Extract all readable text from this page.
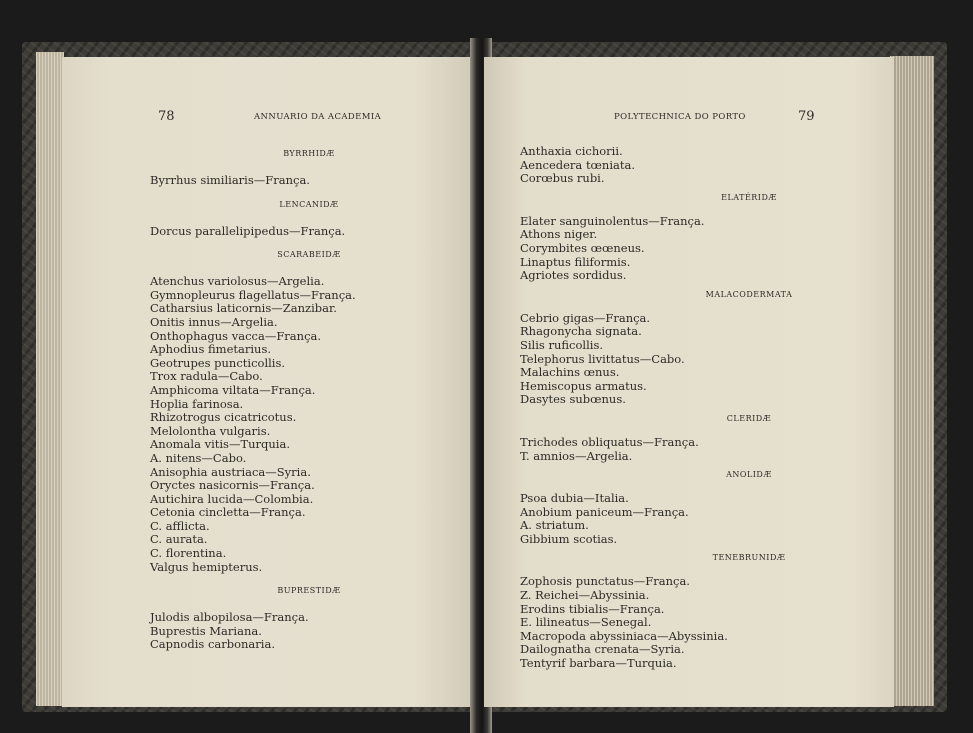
78	ANNUARIO DA ACADEMIA
BYRRHIDÆ
Byrrhus similiaris—França.
LENCANIDÆ
Dorcus parallelipipedus—França.
SCARABEIDÆ
Atenchus variolosus—Argelia.
Gymnopleurus flagellatus—França.
Catharsius laticornis—Zanzibar.
Onitis innus—Argelia.
Onthophagus vacca—França.
Aphodius fimetarius.
Geotrupes puncticollis.
Trox radula—Cabo.
Amphicoma viltata—França.
Hoplia farinosa.
Rhizotrogus cicatricotus.
Melolontha vulgaris.
Anomala vitis—Turquia.
A. nitens—Cabo.
Anisophia austriaca—Syria.
Oryctes nasicornis—França.
Autichira lucida—Colombia.
Cetonia cincletta—França.
C. afflicta.
C. aurata.
C. florentina.
Valgus hemipterus.
BUPRESTIDÆ
Julodis albopilosa—França.
Buprestis Mariana.
Capnodis carbonaria.
POLYTECHNICA DO PORTO	79
Anthaxia cichorii.
Aencedera tœniata.
Corœbus rubi.
ELATÉRIDÆ
Elater sanguinolentus—França.
Athons niger.
Corymbites œœneus.
Linaptus filiformis.
Agriotes sordidus.
MALACODERMATA
Cebrio gigas—França.
Rhagonycha signata.
Silis ruficollis.
Telephorus livittatus—Cabo.
Malachins œnus.
Hemiscopus armatus.
Dasytes subœnus.
CLERIDÆ
Trichodes obliquatus—França.
T. amnios—Argelia.
ANOLIDÆ
Psoa dubia—Italia.
Anobium paniceum—França.
A. striatum.
Gibbium scotias.
TENEBRUNIDÆ
Zophosis punctatus—França.
Z. Reichei—Abyssinia.
Erodins tibialis—França.
E. lilineatus—Senegal.
Macropoda abyssiniaca—Abyssinia.
Dailognatha crenata—Syria.
Tentyrif barbara—Turquia.
